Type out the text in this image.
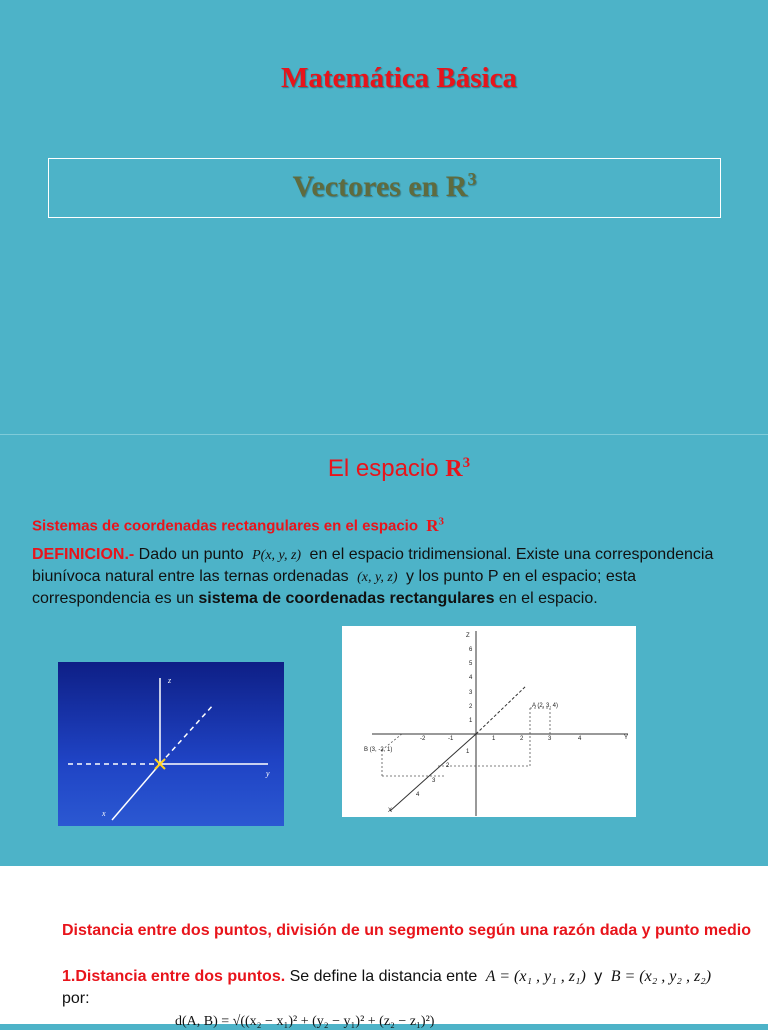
Matemática Básica
Vectores en $R^3$
El espacio $R^3$
Sistemas de coordenadas rectangulares en el espacio $R^3$
DEFINICION.- Dado un punto P(x, y, z) en el espacio tridimensional. Existe una correspondencia biunívoca natural entre las ternas ordenadas (x, y, z) y los punto P en el espacio; esta correspondencia es un sistema de coordenadas rectangulares en el espacio.
z
y
x
Z
Y
X
6
5
4
3
2
1
1	2	3	4
-2	-1
1
2
3
4
A (2, 3, 4)
B (3, -2, 1)
Distancia entre dos puntos, división de un segmento según una razón dada y punto medio
1.Distancia entre dos puntos. Se define la distancia ente A = (x₁ , y₁ , z₁) y B = (x₂ , y₂ , z₂)
por:
d(A, B) = √((x₂ − x₁)² + (y₂ − y₁)² + (z₂ − z₁)²)
